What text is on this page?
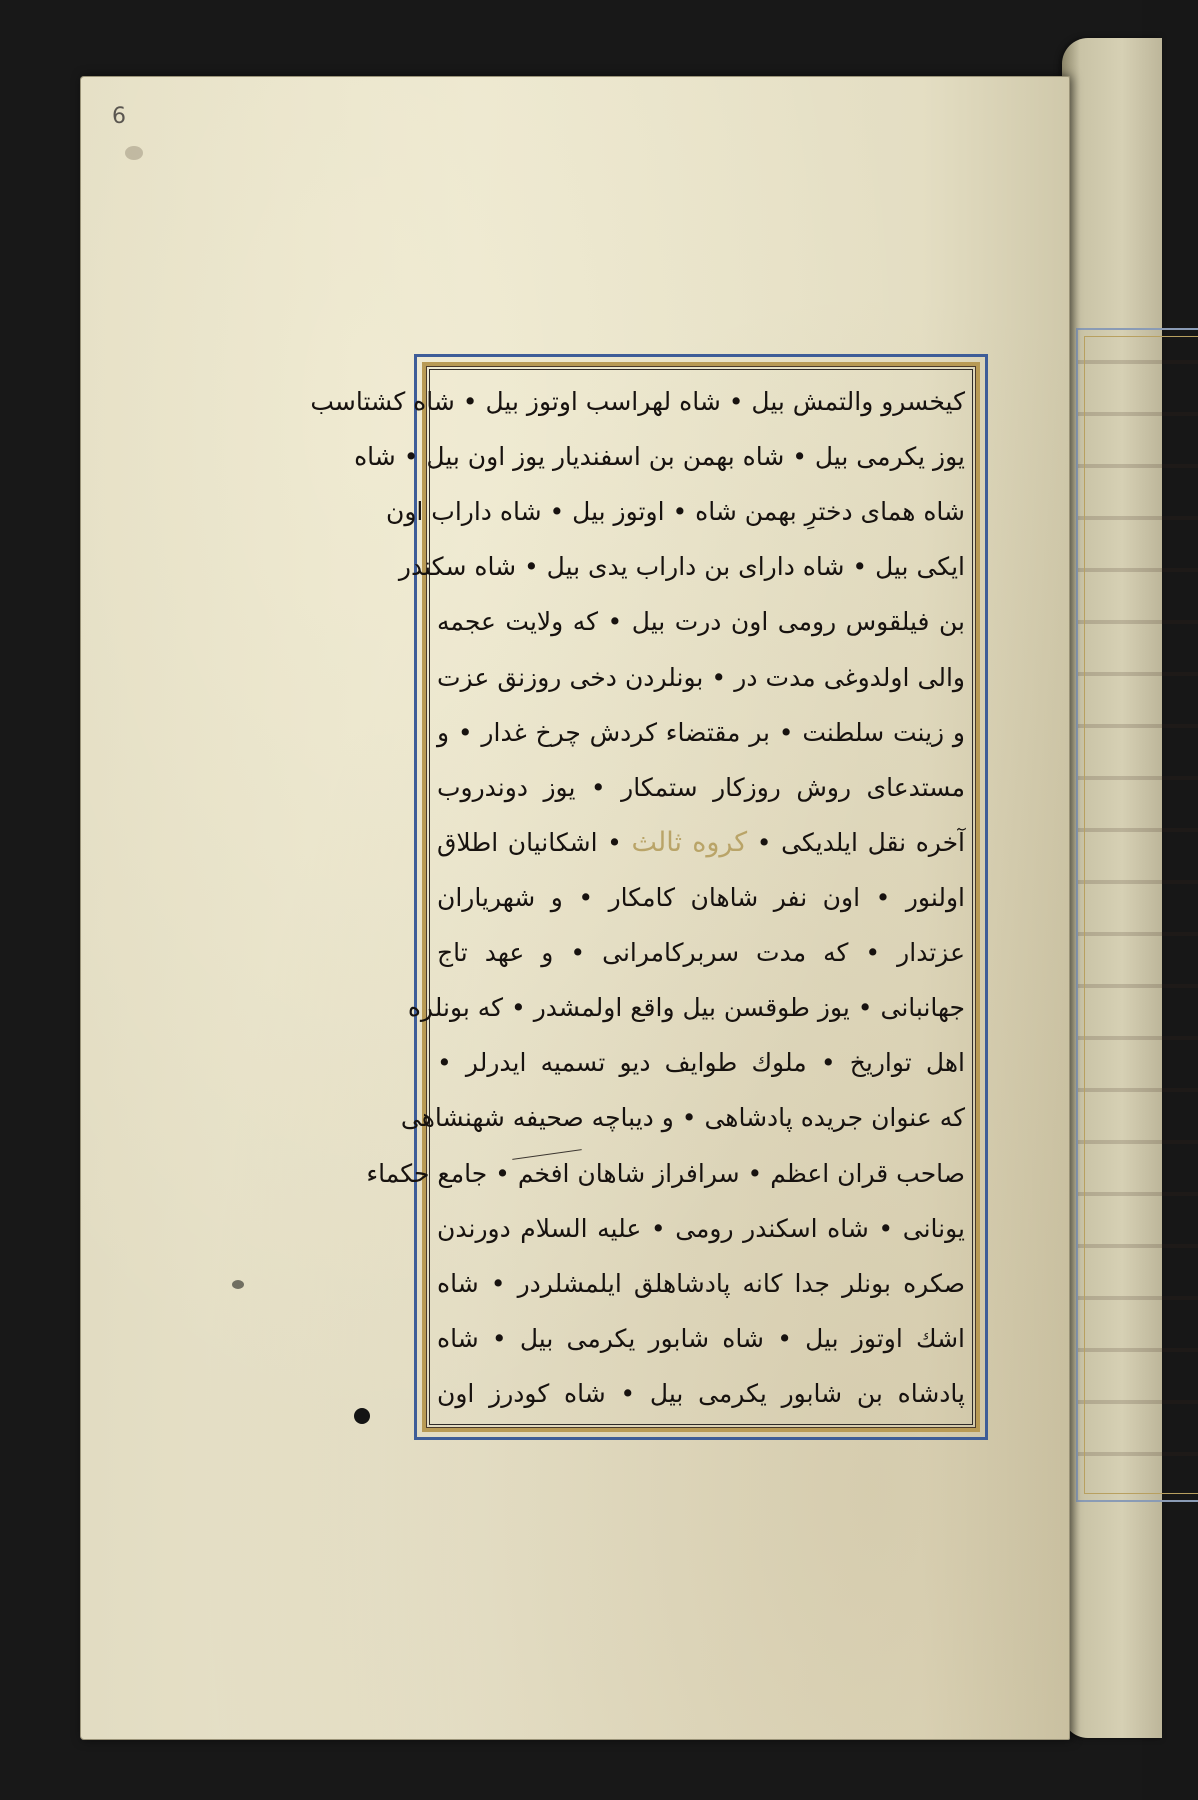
6
كيخسرو والتمش بيل • شاه لهراسب اوتوز بيل • شاه كشتاسب
يوز يكرمى بيل • شاه بهمن بن اسفنديار يوز اون بيل • شاه
شاه هماى دخترِ بهمن شاه • اوتوز بيل • شاه داراب اون
ايكى بيل • شاه داراى بن داراب يدى بيل • شاه سكندر
بن فيلقوس رومى اون درت بيل • كه ولايت عجمه
والى اولدوغى مدت در • بونلردن دخى روزنق عزت
و زينت سلطنت • بر مقتضاء كردش چرخ غدار • و
مستدعاى روش روزكار ستمكار • يوز دوندروب
آخره نقل ايلديكى • كروه ثالث • اشكانيان اطلاق
اولنور • اون نفر شاهان كامكار • و شهرياران
عزتدار • كه مدت سربركامرانى • و عهد تاج
جهانبانى • يوز طوقسن بيل واقع اولمشدر • كه بونلره
اهل تواريخ • ملوك طوايف ديو تسميه ايدرلر •
كه عنوان جريده پادشاهى • و ديباچه صحيفه شهنشاهى
صاحب قران اعظم • سرافراز شاهان افخم • جامع حكماء
يونانى • شاه اسكندر رومى • عليه السلام دورندن
صكره بونلر جدا كانه پادشاهلق ايلمشلردر • شاه
اشك اوتوز بيل • شاه شابور يكرمى بيل • شاه
پادشاه بن شابور يكرمى بيل • شاه كودرز اون
